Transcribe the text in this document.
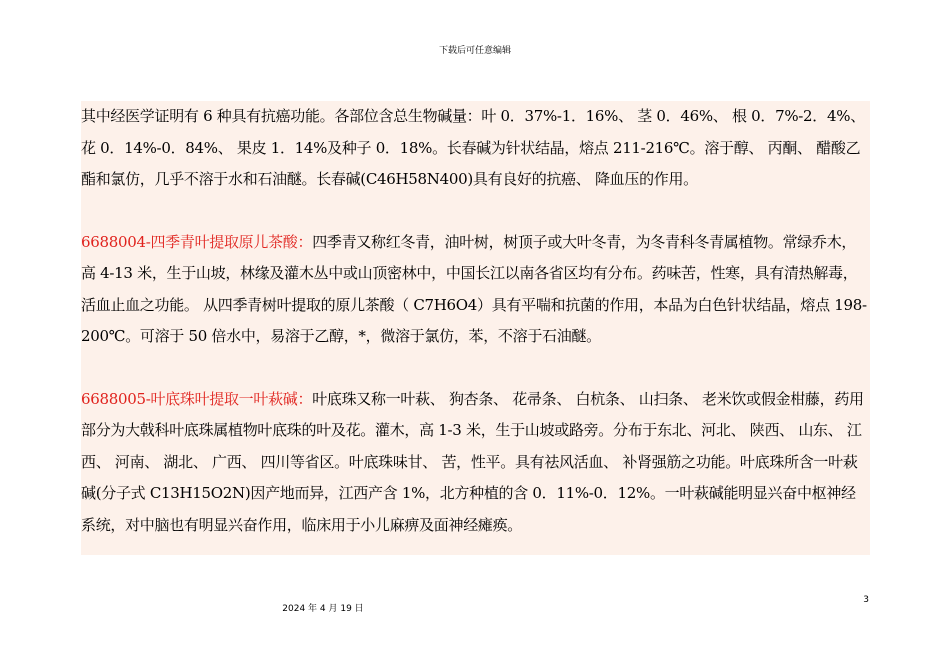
下载后可任意编辑

其中经医学证明有 6 种具有抗癌功能。各部位含总生物碱量：叶 0．37%-1．16%、 茎 0．46%、 根 0．7%-2．4%、 花 0．14%-0．84%、 果皮 1．14%及种子 0．18%。长春碱为针状结晶，熔点 211-216℃。溶于醇、 丙酮、 醋酸乙酯和氯仿，几乎不溶于水和石油醚。长春碱(C46H58N400)具有良好的抗癌、 降血压的作用。

6688004-四季青叶提取原儿茶酸：四季青又称红冬青，油叶树，树顶子或大叶冬青，为冬青科冬青属植物。常绿乔木，高 4-13 米，生于山坡，林缘及灌木丛中或山顶密林中，中国长江以南各省区均有分布。药味苦，性寒，具有清热解毒，活血止血之功能。 从四季青树叶提取的原儿茶酸（ C7H6O4）具有平喘和抗菌的作用，本品为白色针状结晶，熔点 198-200℃。可溶于 50 倍水中，易溶于乙醇，*，微溶于氯仿，苯，不溶于石油醚。

6688005-叶底珠叶提取一叶萩碱：叶底珠又称一叶萩、 狗杏条、 花帚条、 白杭条、 山扫条、 老米饮或假金柑藤，药用部分为大戟科叶底珠属植物叶底珠的叶及花。灌木，高 1-3 米，生于山坡或路旁。分布于东北、河北、 陕西、 山东、 江西、 河南、 湖北、 广西、 四川等省区。叶底珠味甘、 苦，性平。具有祛风活血、 补肾强筋之功能。叶底珠所含一叶萩碱(分子式 C13H15O2N)因产地而异，江西产含 1%，北方种植的含 0．11%-0．12%。一叶萩碱能明显兴奋中枢神经系统，对中脑也有明显兴奋作用，临床用于小儿麻痹及面神经瘫痪。

3
2024 年 4 月 19 日
